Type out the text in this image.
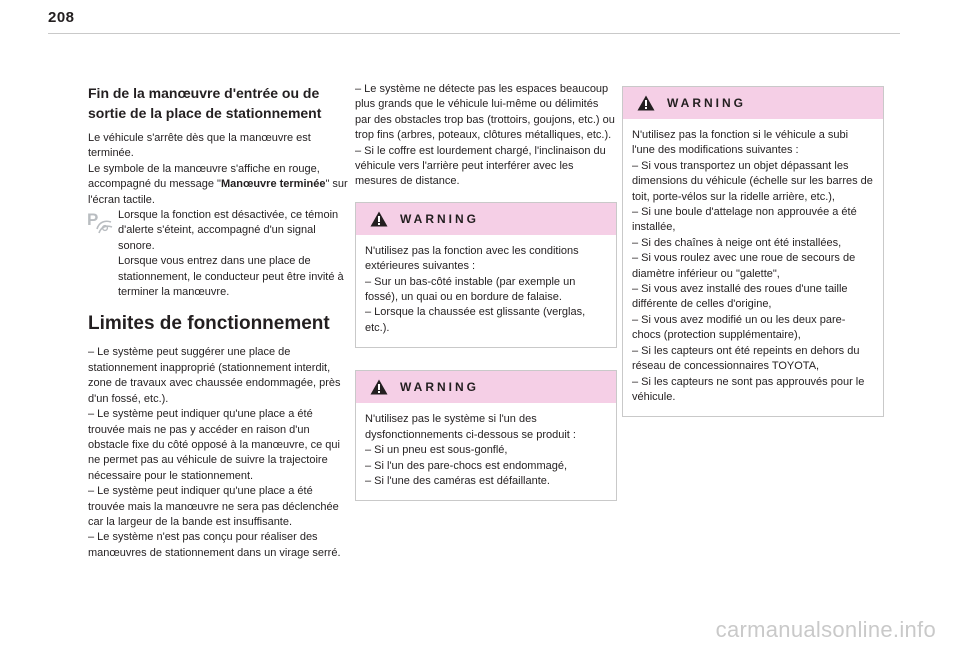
208
Fin de la manœuvre d'entrée ou de sortie de la place de stationnement

Le véhicule s'arrête dès que la manœuvre est terminée.
Le symbole de la manœuvre s'affiche en rouge, accompagné du message "Manœuvre terminée" sur l'écran tactile.

P	Lorsque la fonction est désactivée, ce témoin d'alerte s'éteint, accompagné d'un signal sonore.
Lorsque vous entrez dans une place de stationnement, le conducteur peut être invité à terminer la manœuvre.

Limites de fonctionnement

– Le système peut suggérer une place de stationnement inapproprié (stationnement interdit, zone de travaux avec chaussée endommagée, près d'un fossé, etc.).
– Le système peut indiquer qu'une place a été trouvée mais ne pas y accéder en raison d'un obstacle fixe du côté opposé à la manœuvre, ce qui ne permet pas au véhicule de suivre la trajectoire nécessaire pour le stationnement.
– Le système peut indiquer qu'une place a été trouvée mais la manœuvre ne sera pas déclenchée car la largeur de la bande est insuffisante.
– Le système n'est pas conçu pour réaliser des manœuvres de stationnement dans un virage serré.

– Le système ne détecte pas les espaces beaucoup plus grands que le véhicule lui-même ou délimités par des obstacles trop bas (trottoirs, goujons, etc.) ou trop fins (arbres, poteaux, clôtures métalliques, etc.).
– Si le coffre est lourdement chargé, l'inclinaison du véhicule vers l'arrière peut interférer avec les mesures de distance.

WARNING
N'utilisez pas la fonction avec les conditions extérieures suivantes :
– Sur un bas-côté instable (par exemple un fossé), un quai ou en bordure de falaise.
– Lorsque la chaussée est glissante (verglas, etc.).
WARNING
N'utilisez pas le système si l'un des dysfonctionnements ci-dessous se produit :
– Si un pneu est sous-gonflé,
– Si l'un des pare-chocs est endommagé,
– Si l'une des caméras est défaillante.
WARNING
N'utilisez pas la fonction si le véhicule a subi l'une des modifications suivantes :
– Si vous transportez un objet dépassant les dimensions du véhicule (échelle sur les barres de toit, porte-vélos sur la ridelle arrière, etc.),
– Si une boule d'attelage non approuvée a été installée,
– Si des chaînes à neige ont été installées,
– Si vous roulez avec une roue de secours de diamètre inférieur ou "galette",
– Si vous avez installé des roues d'une taille différente de celles d'origine,
– Si vous avez modifié un ou les deux pare-chocs (protection supplémentaire),
– Si les capteurs ont été repeints en dehors du réseau de concessionnaires TOYOTA,
– Si les capteurs ne sont pas approuvés pour le véhicule.
carmanualsonline.info
